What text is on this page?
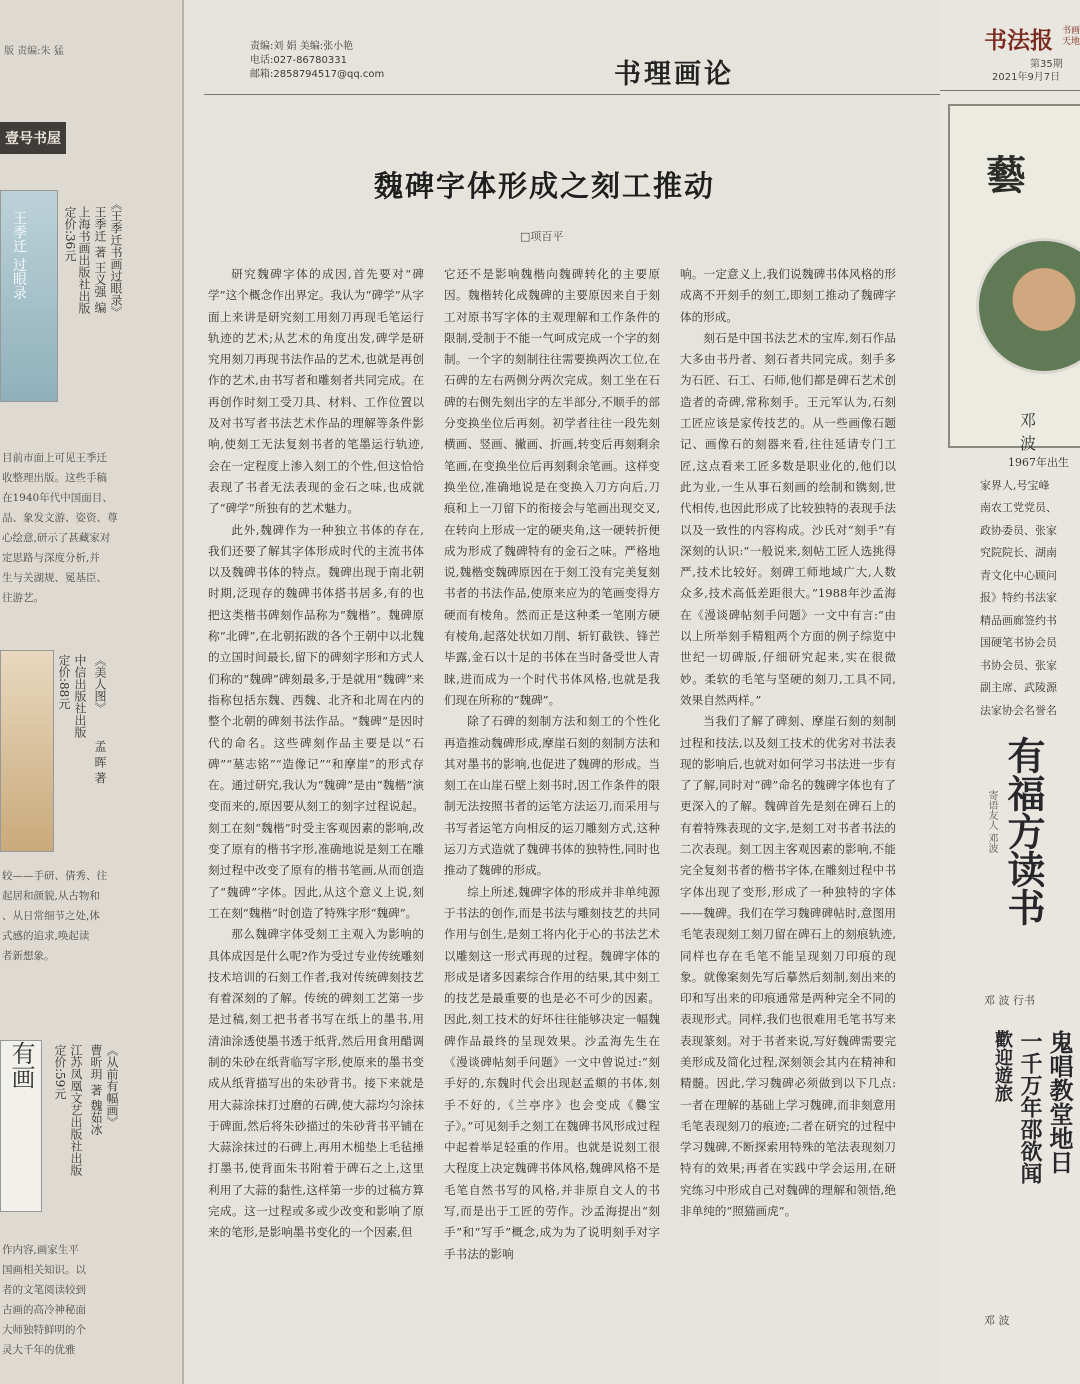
版 责编:朱 猛
壹号书屋
王季迁 过眼录	《王季迁书画过眼录》
王季迁 著 王义强 编
上海书画出版社出版
定价:36元
目前市面上可见王季迁
收整理出版。这些手稿
在1940年代中国面目、
品、象发文游、姿资、尊
心绘意,研示了甚藏家对
定思路与深度分析,并
生与关湖规、冕基臣、
往游艺。
《美人图》
孟 晖 著
中信出版社出版
定价:88元
较——手研、倩秀、往
起居和颜貌,从古物和
、从日常细节之处,体
式感的追求,唤起读
者新想象。
有画	《从前有幅画》
曹昕玥 著 魏茹冰
江苏凤凰文艺出版社出版
定价:59元
作内容,画家生平
国画相关知识。以
者的文笔阅读较到
古画的高冷神秘面
大师独特鲜明的个
灵大千年的优雅
责编:刘 娟 美编:张小艳
电话:027-86780331
邮箱:2858794517@qq.com	书理画论
魏碑字体形成之刻工推动
□项百平

研究魏碑字体的成因,首先要对“碑学”这个概念作出界定。我认为“碑学”从字面上来讲是研究刻工用刻刀再现毛笔运行轨迹的艺术;从艺术的角度出发,碑学是研究用刻刀再现书法作品的艺术,也就是再创作的艺术,由书写者和雕刻者共同完成。在再创作时刻工受刀具、材料、工作位置以及对书写者书法艺术作品的理解等条件影响,使刻工无法复刻书者的笔墨运行轨迹,会在一定程度上渗入刻工的个性,但这恰恰表现了书者无法表现的金石之味,也成就了“碑学”所独有的艺术魅力。

此外,魏碑作为一种独立书体的存在,我们还要了解其字体形成时代的主流书体以及魏碑书体的特点。魏碑出现于南北朝时期,泛现存的魏碑书体搭书居多,有的也把这类楷书碑刻作品称为“魏楷”。魏碑原称“北碑”,在北朝拓跋的各个王朝中以北魏的立国时间最长,留下的碑刻字形和方式人们称的“魏碑”碑刻最多,于是就用“魏碑”来指称包括东魏、西魏、北齐和北周在内的整个北朝的碑刻书法作品。“魏碑”是因时代的命名。这些碑刻作品主要是以“石碑”“墓志铭”“造像记”“和摩崖”的形式存在。通过研究,我认为“魏碑”是由“魏楷”演变而来的,原因要从刻工的刻字过程说起。刻工在刻“魏楷”时受主客观因素的影响,改变了原有的楷书字形,准确地说是刻工在雕刻过程中改变了原有的楷书笔画,从而创造了“魏碑”字体。因此,从这个意义上说,刻工在刻“魏楷”时创造了特殊字形“魏碑”。

那么魏碑字体受刻工主观入为影响的具体成因是什么呢?作为受过专业传统雕刻技术培训的石刻工作者,我对传统碑刻技艺有着深刻的了解。传统的碑刻工艺第一步是过稿,刻工把书者书写在纸上的墨书,用清油涂透使墨书透于纸背,然后用食用醋调制的朱砂在纸背临写字形,使原来的墨书变成从纸背描写出的朱砂背书。接下来就是用大蒜涂抹打过磨的石碑,使大蒜均匀涂抹于碑面,然后将朱砂描过的朱砂背书平铺在大蒜涂抹过的石碑上,再用木槌垫上毛毡捶打墨书,使背面朱书附着于碑石之上,这里利用了大蒜的黏性,这样第一步的过稿方算完成。这一过程或多或少改变和影响了原来的笔形,是影响墨书变化的一个因素,但

它还不是影响魏楷向魏碑转化的主要原因。魏楷转化成魏碑的主要原因来自于刻工对原书写字体的主观理解和工作条件的限制,受制于不能一气呵成完成一个字的刻制。一个字的刻制往往需要换两次工位,在石碑的左右两侧分两次完成。刻工坐在石碑的右侧先刻出字的左半部分,不顺手的部分变换坐位后再刻。初学者往往一段先刻横画、竖画、撇画、折画,转变后再刻剩余笔画,在变换坐位后再刻剩余笔画。这样变换坐位,准确地说是在变换入刀方向后,刀痕和上一刀留下的衔接会与笔画出现交叉,在转向上形成一定的硬夹角,这一硬转折便成为形成了魏碑特有的金石之味。严格地说,魏楷变魏碑原因在于刻工没有完美复刻书者的书法作品,使原来应为的笔画变得方硬而有棱角。然而正是这种柔一笔刚方硬有棱角,起落处状如刀削、斩钉截铁、锋芒毕露,金石以十足的书体在当时备受世人青睐,进而成为一个时代书体风格,也就是我们现在所称的“魏碑”。

除了石碑的刻制方法和刻工的个性化再造推动魏碑形成,摩崖石刻的刻制方法和其对墨书的影响,也促进了魏碑的形成。当刻工在山崖石壁上刻书时,因工作条件的限制无法按照书者的运笔方法运刀,而采用与书写者运笔方向相反的运刀雕刻方式,这种运刀方式造就了魏碑书体的独特性,同时也推动了魏碑的形成。

综上所述,魏碑字体的形成并非单纯源于书法的创作,而是书法与雕刻技艺的共同作用与创生,是刻工将内化于心的书法艺术以雕刻这一形式再现的过程。魏碑字体的形成是诸多因素综合作用的结果,其中刻工的技艺是最重要的也是必不可少的因素。因此,刻工技术的好坏往往能够决定一幅魏碑作品最终的呈现效果。沙孟海先生在《漫谈碑帖刻手问题》一文中曾说过:“刻手好的,东魏时代会出现赵孟頫的书体,刻手不好的,《兰亭序》也会变成《爨宝子》。”可见刻手之刻工在魏碑书风形成过程中起着举足轻重的作用。也就是说刻工很大程度上决定魏碑书体风格,魏碑风格不是毛笔自然书写的风格,并非原自文人的书写,而是出于工匠的劳作。沙孟海提出“刻手”和“写手”概念,成为为了说明刻手对字手书法的影响

响。一定意义上,我们说魏碑书体风格的形成离不开刻手的刻工,即刻工推动了魏碑字体的形成。

刻石是中国书法艺术的宝库,刻石作品大多由书丹者、刻石者共同完成。刻手多为石匠、石工、石师,他们都是碑石艺术创造者的奇碑,常称刻手。王元军认为,石刻工匠应该是家传技艺的。从一些画像石题记、画像石的刻器来看,往往延请专门工匠,这点看来工匠多数是职业化的,他们以此为业,一生从事石刻画的绘制和镌刻,世代相传,也因此形成了比较独特的表现手法以及一致性的内容构成。沙氏对“刻手”有深刻的认识:“一般说来,刻帖工匠人选挑得严,技术比较好。刻碑工师地域广大,人数众多,技术高低差距很大。”1988年沙孟海在《漫谈碑帖刻手问题》一文中有言:“由以上所举刻手精粗两个方面的例子综览中世纪一切碑版,仔细研究起来,实在很微妙。柔软的毛笔与坚硬的刻刀,工具不同,效果自然两样。”

当我们了解了碑刻、摩崖石刻的刻制过程和技法,以及刻工技术的优劣对书法表现的影响后,也就对如何学习书法进一步有了了解,同时对“碑”命名的魏碑字体也有了更深入的了解。魏碑首先是刻在碑石上的有着特殊表现的文字,是刻工对书者书法的二次表现。刻工因主客观因素的影响,不能完全复刻书者的楷书字体,在雕刻过程中书字体出现了变形,形成了一种独特的字体——魏碑。我们在学习魏碑碑帖时,意图用毛笔表现刻工刻刀留在碑石上的刻痕轨迹,同样也存在毛笔不能呈现刻刀印痕的现象。就像案刻先写后摹然后刻制,刻出来的印和写出来的印痕通常是两种完全不同的表现形式。同样,我们也很难用毛笔书写来表现篆刻。对于书者来说,写好魏碑需要完美形成及简化过程,深刻领会其内在精神和精髓。因此,学习魏碑必须做到以下几点:一者在理解的基础上学习魏碑,而非刻意用毛笔表现刻刀的痕迹;二者在研究的过程中学习魏碑,不断探索用特殊的笔法表现刻刀特有的效果;再者在实践中学会运用,在研究练习中形成自己对魏碑的理解和领悟,绝非单纯的“照猫画虎”。

书法报 书画天地
第35期
2021年9月7日
藝
邓 波
1967年出生
家界人,号宝峰
南农工党党员、
政协委员、张家
究院院长、湖南
青文化中心顾问
报》特约书法家
精品画廊签约书
国硬笔书协会员
书协会员、张家
副主席、武陵源
法家协会名誉名
有福方读书
寄语友人 邓波
邓 波 行书
鬼唱教堂地日
一千万年邵欲闻
歡迎遊旅
邓 波
